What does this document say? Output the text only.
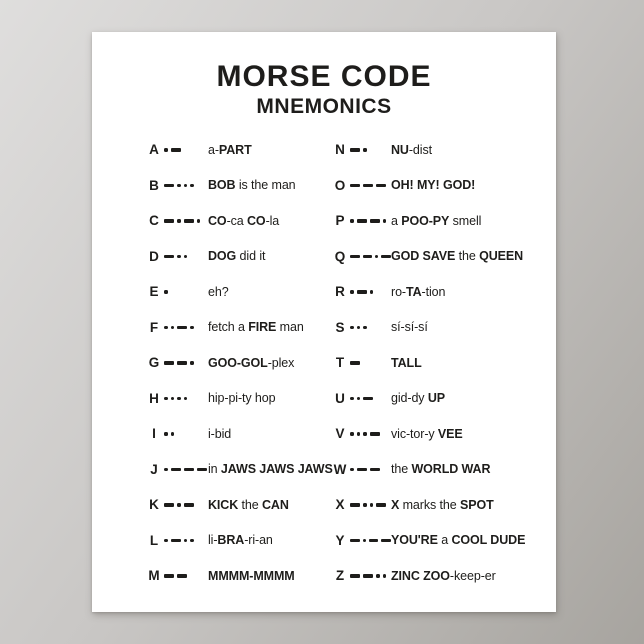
MORSE CODE
MNEMONICS
A	a-PART
B	BOB is the man
C	CO-ca CO-la
D	DOG did it
E	eh?
F	fetch a FIRE man
G	GOO-GOL-plex
H	hip-pi-ty hop
I	i-bid
J	in JAWS JAWS JAWS
K	KICK the CAN
L	li-BRA-ri-an
M	MMMM-MMMM
N	NU-dist
O	OH! MY! GOD!
P	a POO-PY smell
Q	GOD SAVE the QUEEN
R	ro-TA-tion
S	sí-sí-sí
T	TALL
U	gid-dy UP
V	vic-tor-y VEE
W	the WORLD WAR
X	X marks the SPOT
Y	YOU'RE a COOL DUDE
Z	ZINC ZOO-keep-er
